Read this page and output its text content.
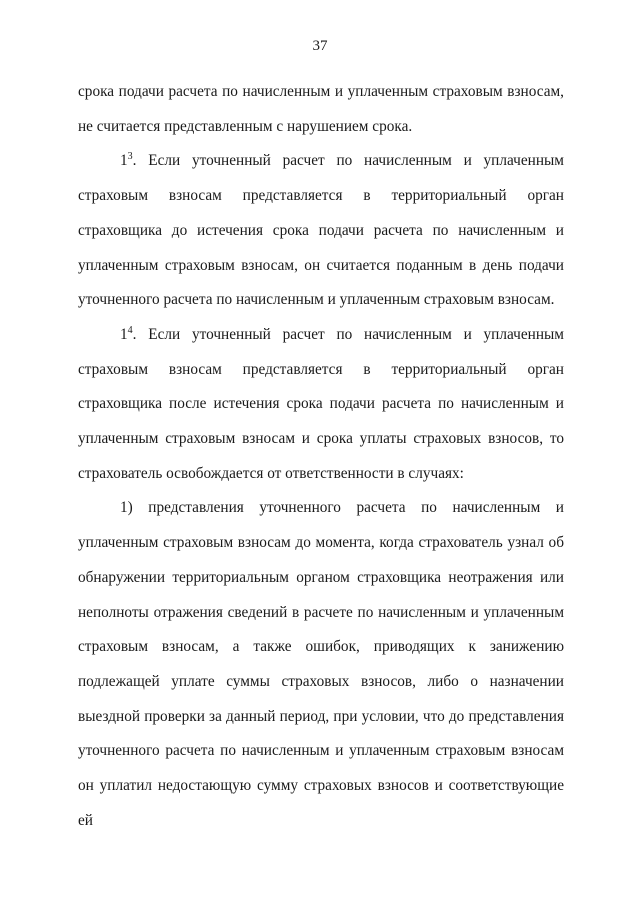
37

срока подачи расчета по начисленным и уплаченным страховым взносам, не считается представленным с нарушением срока.

$1^3$. Если уточненный расчет по начисленным и уплаченным страховым взносам представляется в территориальный орган страховщика до истечения срока подачи расчета по начисленным и уплаченным страховым взносам, он считается поданным в день подачи уточненного расчета по начисленным и уплаченным страховым взносам.

$1^4$. Если уточненный расчет по начисленным и уплаченным страховым взносам представляется в территориальный орган страховщика после истечения срока подачи расчета по начисленным и уплаченным страховым взносам и срока уплаты страховых взносов, то страхователь освобождается от ответственности в случаях:

1) представления уточненного расчета по начисленным и уплаченным страховым взносам до момента, когда страхователь узнал об обнаружении территориальным органом страховщика неотражения или неполноты отражения сведений в расчете по начисленным и уплаченным страховым взносам, а также ошибок, приводящих к занижению подлежащей уплате суммы страховых взносов, либо о назначении выездной проверки за данный период, при условии, что до представления уточненного расчета по начисленным и уплаченным страховым взносам он уплатил недостающую сумму страховых взносов и соответствующие ей
